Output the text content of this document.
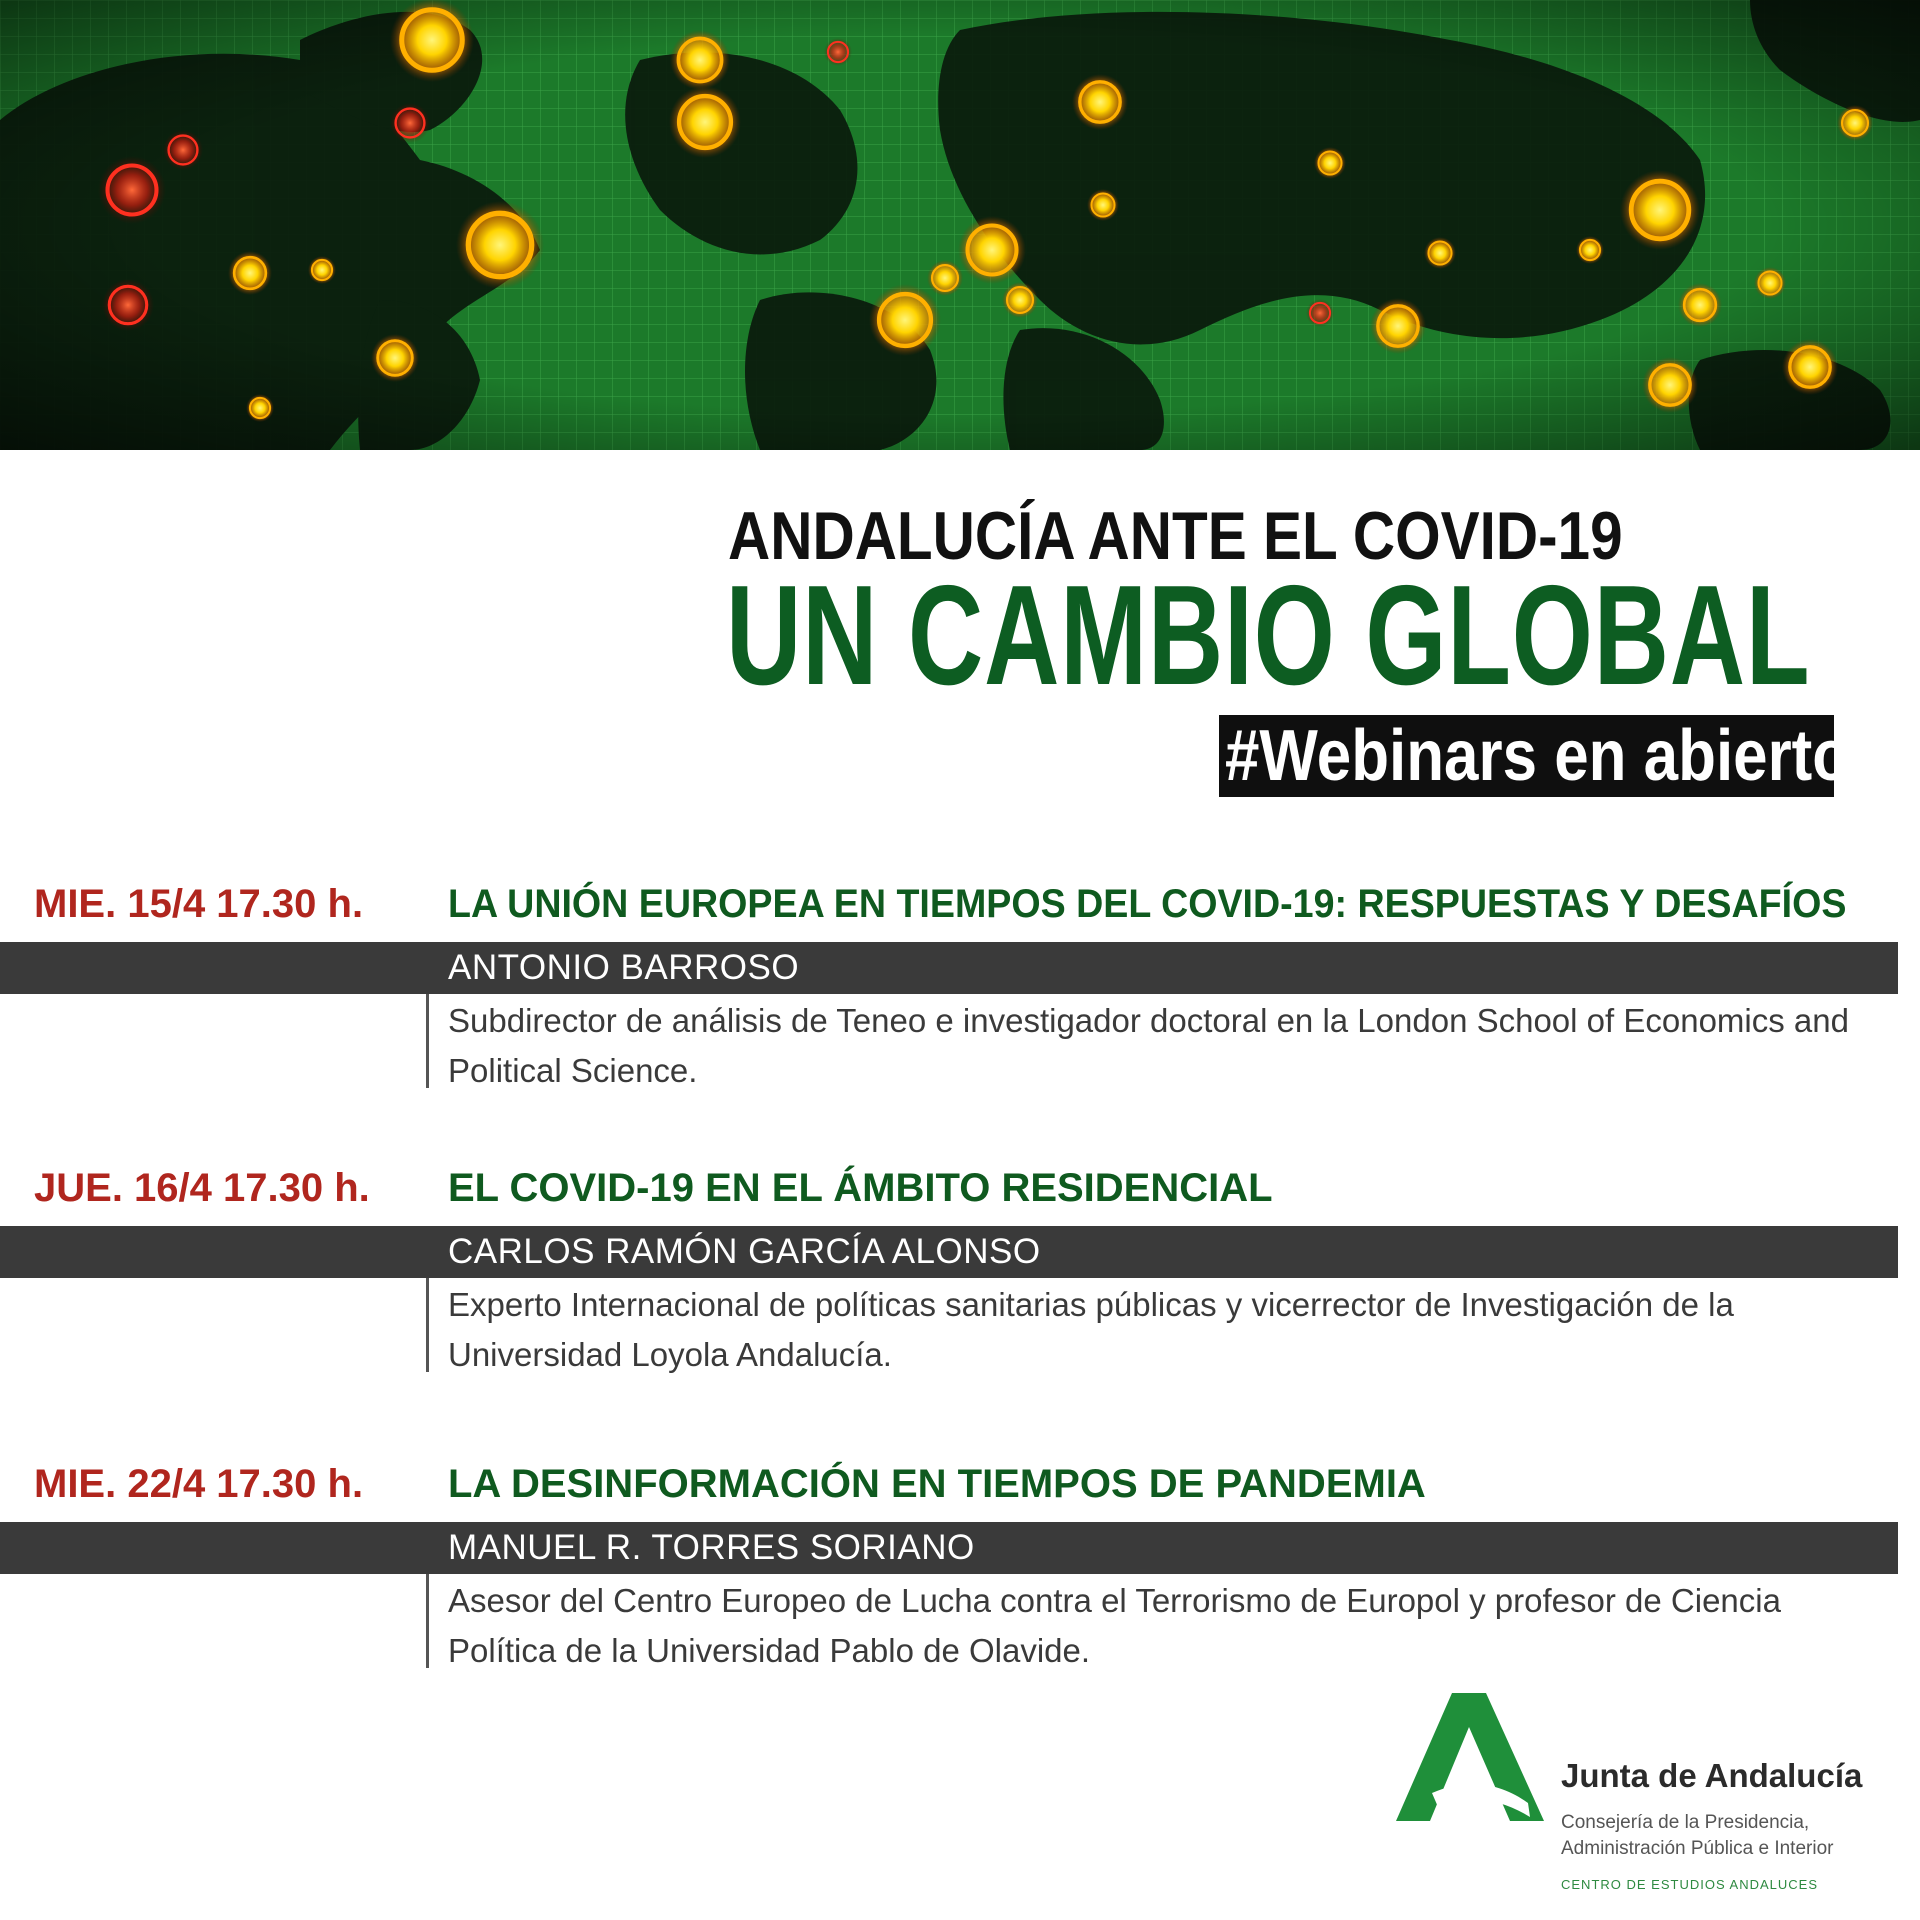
ANDALUCÍA ANTE EL COVID-19
UN CAMBIO GLOBAL
#Webinars en abierto
MIE. 15/4 17.30 h. LA UNIÓN EUROPEA EN TIEMPOS DEL COVID-19: RESPUESTAS Y DESAFÍOS
ANTONIO BARROSO
Subdirector de análisis de Teneo e investigador doctoral en la London School of Economics and Political Science.
JUE. 16/4 17.30 h. EL COVID-19 EN EL ÁMBITO RESIDENCIAL
CARLOS RAMÓN GARCÍA ALONSO
Experto Internacional de políticas sanitarias públicas y vicerrector de Investigación de la Universidad Loyola Andalucía.
MIE. 22/4 17.30 h. LA DESINFORMACIÓN EN TIEMPOS DE PANDEMIA
MANUEL R. TORRES SORIANO
Asesor del Centro Europeo de Lucha contra el Terrorismo de Europol y profesor de Ciencia Política de la Universidad Pablo de Olavide.
Junta de Andalucía
Consejería de la Presidencia,
Administración Pública e Interior
CENTRO DE ESTUDIOS ANDALUCES
